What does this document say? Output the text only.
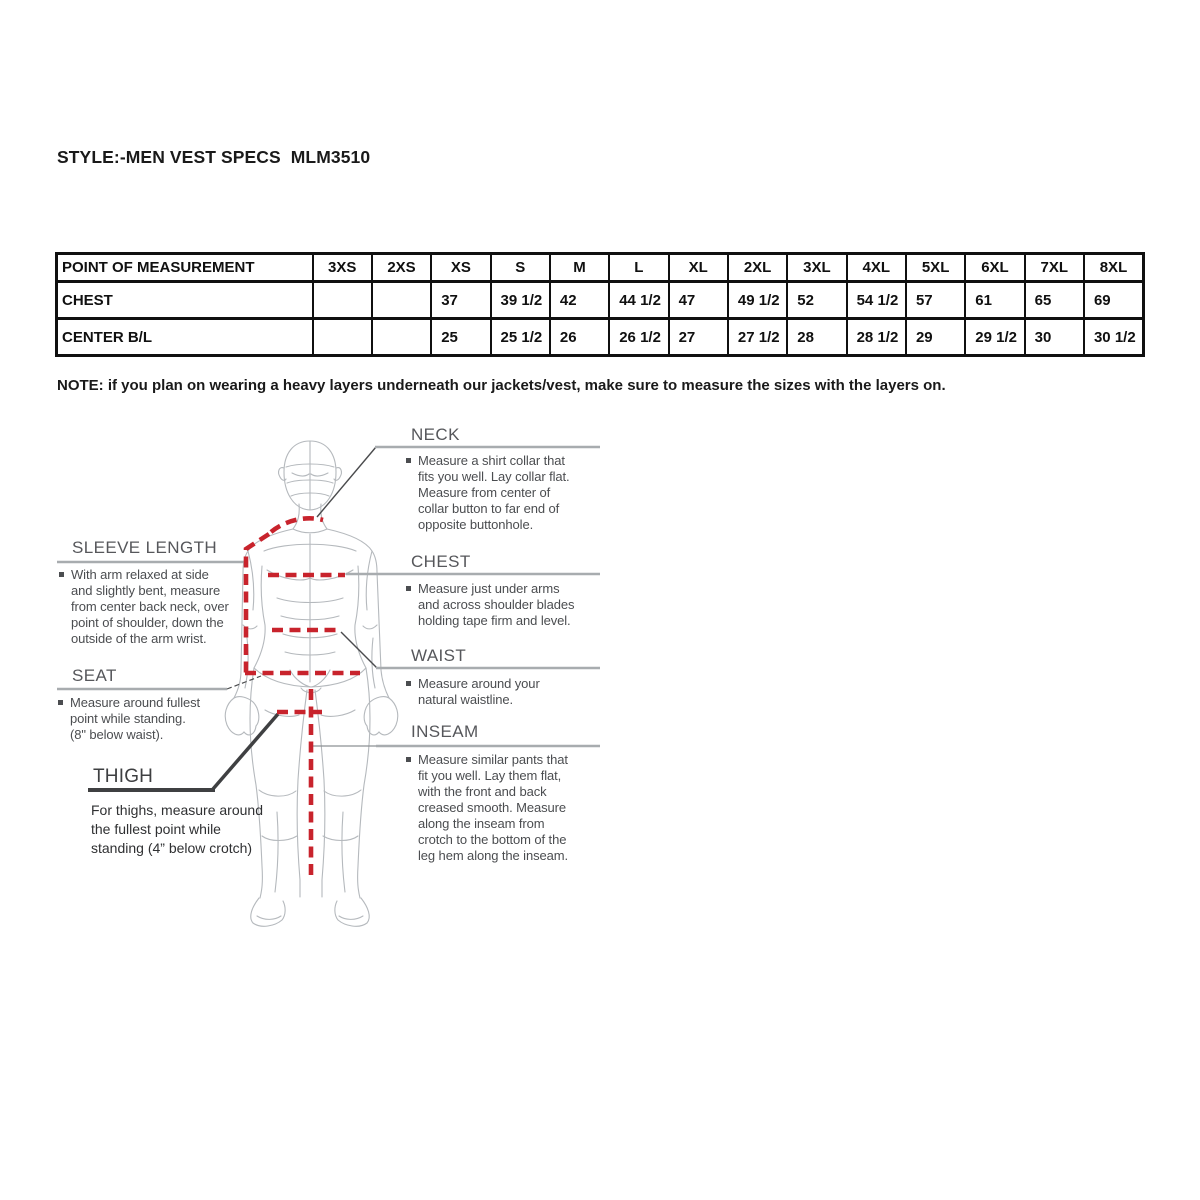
STYLE:-MEN VEST SPECS  MLM3510
POINT OF MEASUREMENT	3XS	2XS	XS	S	M	L	XL	2XL	3XL	4XL	5XL	6XL	7XL	8XL
CHEST			37	39 1/2	42	44 1/2	47	49 1/2	52	54 1/2	57	61	65	69
CENTER B/L			25	25 1/2	26	26 1/2	27	27 1/2	28	28 1/2	29	29 1/2	30	30 1/2
NOTE: if you plan on wearing a heavy layers underneath our jackets/vest, make sure to measure the sizes with the layers on.
NECK
Measure a shirt collar that
fits you well. Lay collar flat.
Measure from center of
collar button to far end of
opposite buttonhole.
SLEEVE LENGTH
With arm relaxed at side
and slightly bent, measure
from center back neck, over
point of shoulder, down the
outside of the arm wrist.
CHEST
Measure just under arms
and across shoulder blades
holding tape firm and level.
WAIST
Measure around your
natural waistline.
SEAT
Measure around fullest
point while standing.
(8" below waist).	INSEAM
Measure similar pants that
fit you well. Lay them flat,
with the front and back
creased smooth. Measure
along the inseam from
crotch to the bottom of the
leg hem along the inseam.
THIGH
For thighs, measure around
the fullest point while
standing (4” below crotch)
